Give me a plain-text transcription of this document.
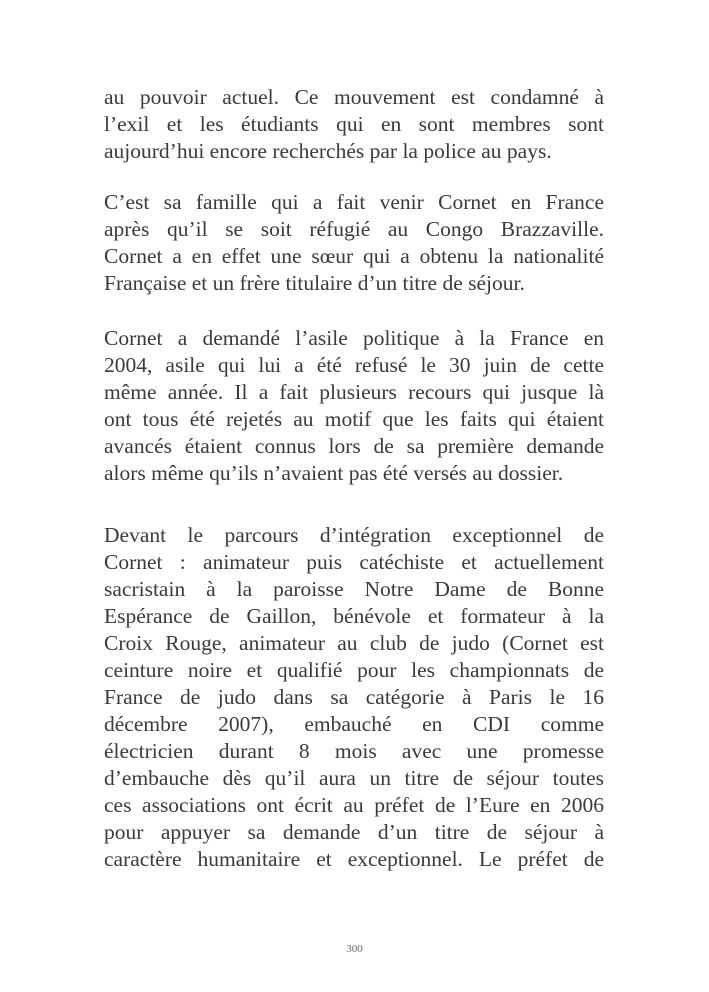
au pouvoir actuel. Ce mouvement est condamné à
l’exil et les étudiants qui en sont membres sont
aujourd’hui encore recherchés par la police au pays.
C’est sa famille qui a fait venir Cornet en France
après qu’il se soit réfugié au Congo Brazzaville.
Cornet a en effet une sœur qui a obtenu la nationalité
Française et un frère titulaire d’un titre de séjour.
Cornet a demandé l’asile politique à la France en
2004, asile qui lui a été refusé le 30 juin de cette
même année. Il a fait plusieurs recours qui jusque là
ont tous été rejetés au motif que les faits qui étaient
avancés étaient connus lors de sa première demande
alors même qu’ils n’avaient pas été versés au dossier.
Devant le parcours d’intégration exceptionnel de
Cornet : animateur puis catéchiste et actuellement
sacristain à la paroisse Notre Dame de Bonne
Espérance de Gaillon, bénévole et formateur à la
Croix Rouge, animateur au club de judo (Cornet est
ceinture noire et qualifié pour les championnats de
France de judo dans sa catégorie à Paris le 16
décembre 2007), embauché en CDI comme
électricien durant 8 mois avec une promesse
d’embauche dès qu’il aura un titre de séjour toutes
ces associations ont écrit au préfet de l’Eure en 2006
pour appuyer sa demande d’un titre de séjour à
caractère humanitaire et exceptionnel. Le préfet de
300
